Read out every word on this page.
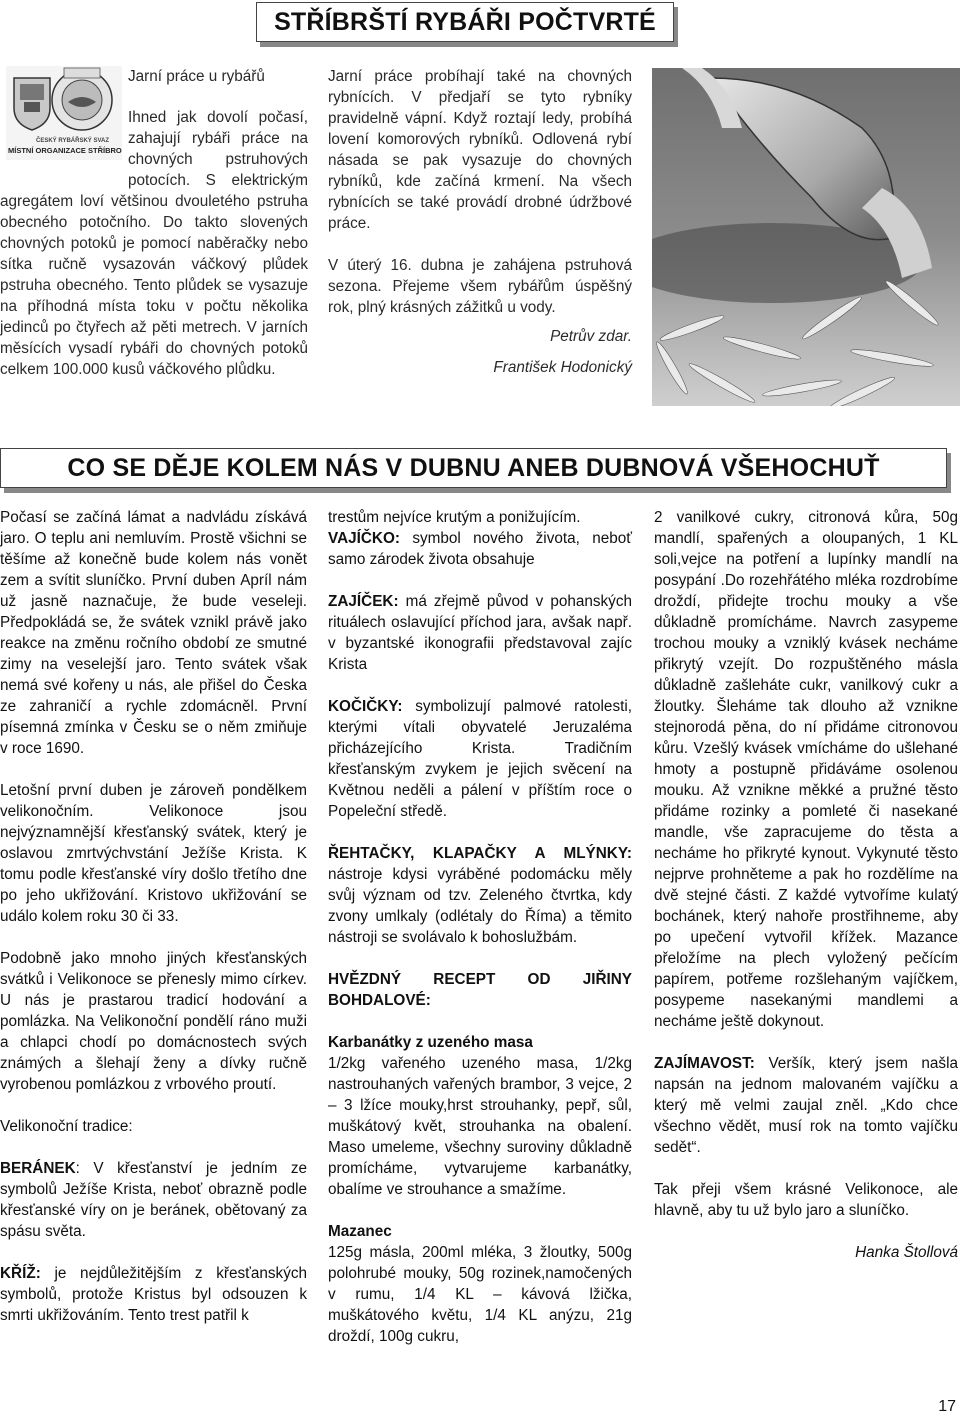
STŘÍBRŠTÍ RYBÁŘI POČTVRTÉ
ČESKÝ RYBÁŘSKÝ SVAZ
MÍSTNÍ ORGANIZACE STŘÍBRO
Jarní práce u rybářů

Ihned jak dovolí počasí, zahajují rybáři práce na chovných pstruhových potocích. S elektrickým agregátem loví většinou dvouletého pstruha obecného potočního. Do takto slovených chovných potoků je pomocí naběračky nebo sítka ručně vysazován váčkový plůdek pstruha obecného. Tento plůdek se vysazuje na příhodná místa toku v počtu několika jedinců po čtyřech až pěti metrech. V jarních měsících vysadí rybáři do chovných potoků celkem 100.000 kusů váčkového plůdku.

Jarní práce probíhají také na chovných rybnících. V předjaří se tyto rybníky pravidelně vápní. Když roztají ledy, probíhá lovení komorových rybníků. Odlovená rybí násada se pak vysazuje do chovných rybníků, kde začíná krmení. Na všech rybnících se také provádí drobné údržbové práce.

V úterý 16. dubna je zahájena pstruhová sezona. Přejeme všem rybářům úspěšný rok, plný krásných zážitků u vody.

Petrův zdar.

František Hodonický

CO SE DĚJE KOLEM NÁS V DUBNU ANEB DUBNOVÁ VŠEHOCHUŤ

Počasí se začíná lámat a nadvládu získává jaro. O teplu ani nemluvím. Prostě všichni se těšíme až konečně bude kolem nás vonět zem a svítit sluníčko. První duben Apríl nám už jasně naznačuje, že bude veseleji. Předpokládá se, že svátek vznikl právě jako reakce na změnu ročního období ze smutné zimy na veselejší jaro. Tento svátek však nemá své kořeny u nás, ale přišel do Česka ze zahraničí a rychle zdomácněl. První písemná zmínka v Česku se o něm zmiňuje v roce 1690.

Letošní první duben je zároveň pondělkem velikonočním. Velikonoce jsou nejvýznamnější křesťanský svátek, který je oslavou zmrtvýchvstání Ježíše Krista. K tomu podle křesťanské víry došlo třetího dne po jeho ukřižování. Kristovo ukřižování se událo kolem roku 30 či 33.

Podobně jako mnoho jiných křesťanských svátků i Velikonoce se přenesly mimo církev. U nás je prastarou tradicí hodování a pomlázka. Na Velikonoční pondělí ráno muži a chlapci chodí po domácnostech svých známých a šlehají ženy a dívky ručně vyrobenou pomlázkou z vrbového proutí.

Velikonoční tradice:

BERÁNEK: V křesťanství je jedním ze symbolů Ježíše Krista, neboť obrazně podle křesťanské víry on je beránek, obětovaný za spásu světa.

KŘÍŽ: je nejdůležitějším z křesťanských symbolů, protože Kristus byl odsouzen k smrti ukřižováním. Tento trest patřil k

trestům nejvíce krutým a ponižujícím.

VAJÍČKO: symbol nového života, neboť samo zárodek života obsahuje

ZAJÍČEK: má zřejmě původ v pohanských rituálech oslavující příchod jara, avšak např. v byzantské ikonografii představoval zajíc Krista

KOČIČKY: symbolizují palmové ratolesti, kterými vítali obyvatelé Jeruzaléma přicházejícího Krista. Tradičním křesťanským zvykem je jejich svěcení na Květnou neděli a pálení v příštím roce o Popeleční středě.

ŘEHTAČKY, KLAPAČKY A MLÝNKY: nástroje kdysi vyráběné podomácku měly svůj význam od tzv. Zeleného čtvrtka, kdy zvony umlkaly (odlétaly do Říma) a těmito nástroji se svolávalo k bohoslužbám.

HVĚZDNÝ RECEPT OD JIŘINY BOHDALOVÉ:

Karbanátky z uzeného masa

1/2kg vařeného uzeného masa, 1/2kg nastrouhaných vařených brambor, 3 vejce, 2 – 3 lžíce mouky,hrst strouhanky, pepř, sůl, muškátový květ, strouhanka na obalení. Maso umeleme, všechny suroviny důkladně promícháme, vytvarujeme karbanátky, obalíme ve strouhance a smažíme.

Mazanec

125g másla, 200ml mléka, 3 žloutky, 500g polohrubé mouky, 50g rozinek,namočených v rumu, 1/4 KL – kávová lžička, muškátového květu, 1/4 KL anýzu, 21g droždí, 100g cukru,

2 vanilkové cukry, citronová kůra, 50g mandlí, spařených a oloupaných, 1 KL soli,vejce na potření a lupínky mandlí na posypání .Do rozehřátého mléka rozdrobíme droždí, přidejte trochu mouky a vše důkladně promícháme. Navrch zasypeme trochou mouky a vzniklý kvásek necháme přikrytý vzejít. Do rozpuštěného másla důkladně zašleháte cukr, vanilkový cukr a žloutky. Šleháme tak dlouho až vznikne stejnorodá pěna, do ní přidáme citronovou kůru. Vzešlý kvásek vmícháme do ušlehané hmoty a postupně přidáváme osolenou mouku. Až vznikne měkké a pružné těsto přidáme rozinky a pomleté či nasekané mandle, vše zapracujeme do těsta a necháme ho přikryté kynout. Vykynuté těsto nejprve prohněteme a pak ho rozdělíme na dvě stejné části. Z každé vytvoříme kulatý bochánek, který nahoře prostřihneme, aby po upečení vytvořil křížek. Mazance přeložíme na plech vyložený pečícím papírem, potřeme rozšlehaným vajíčkem, posypeme nasekanými mandlemi a necháme ještě dokynout.

ZAJÍMAVOST: Veršík, který jsem našla napsán na jednom malovaném vajíčku a který mě velmi zaujal zněl. „Kdo chce všechno vědět, musí rok na tomto vajíčku sedět“.

Tak přeji všem krásné Velikonoce, ale hlavně, aby tu už bylo jaro a sluníčko.

Hanka Štollová

17
